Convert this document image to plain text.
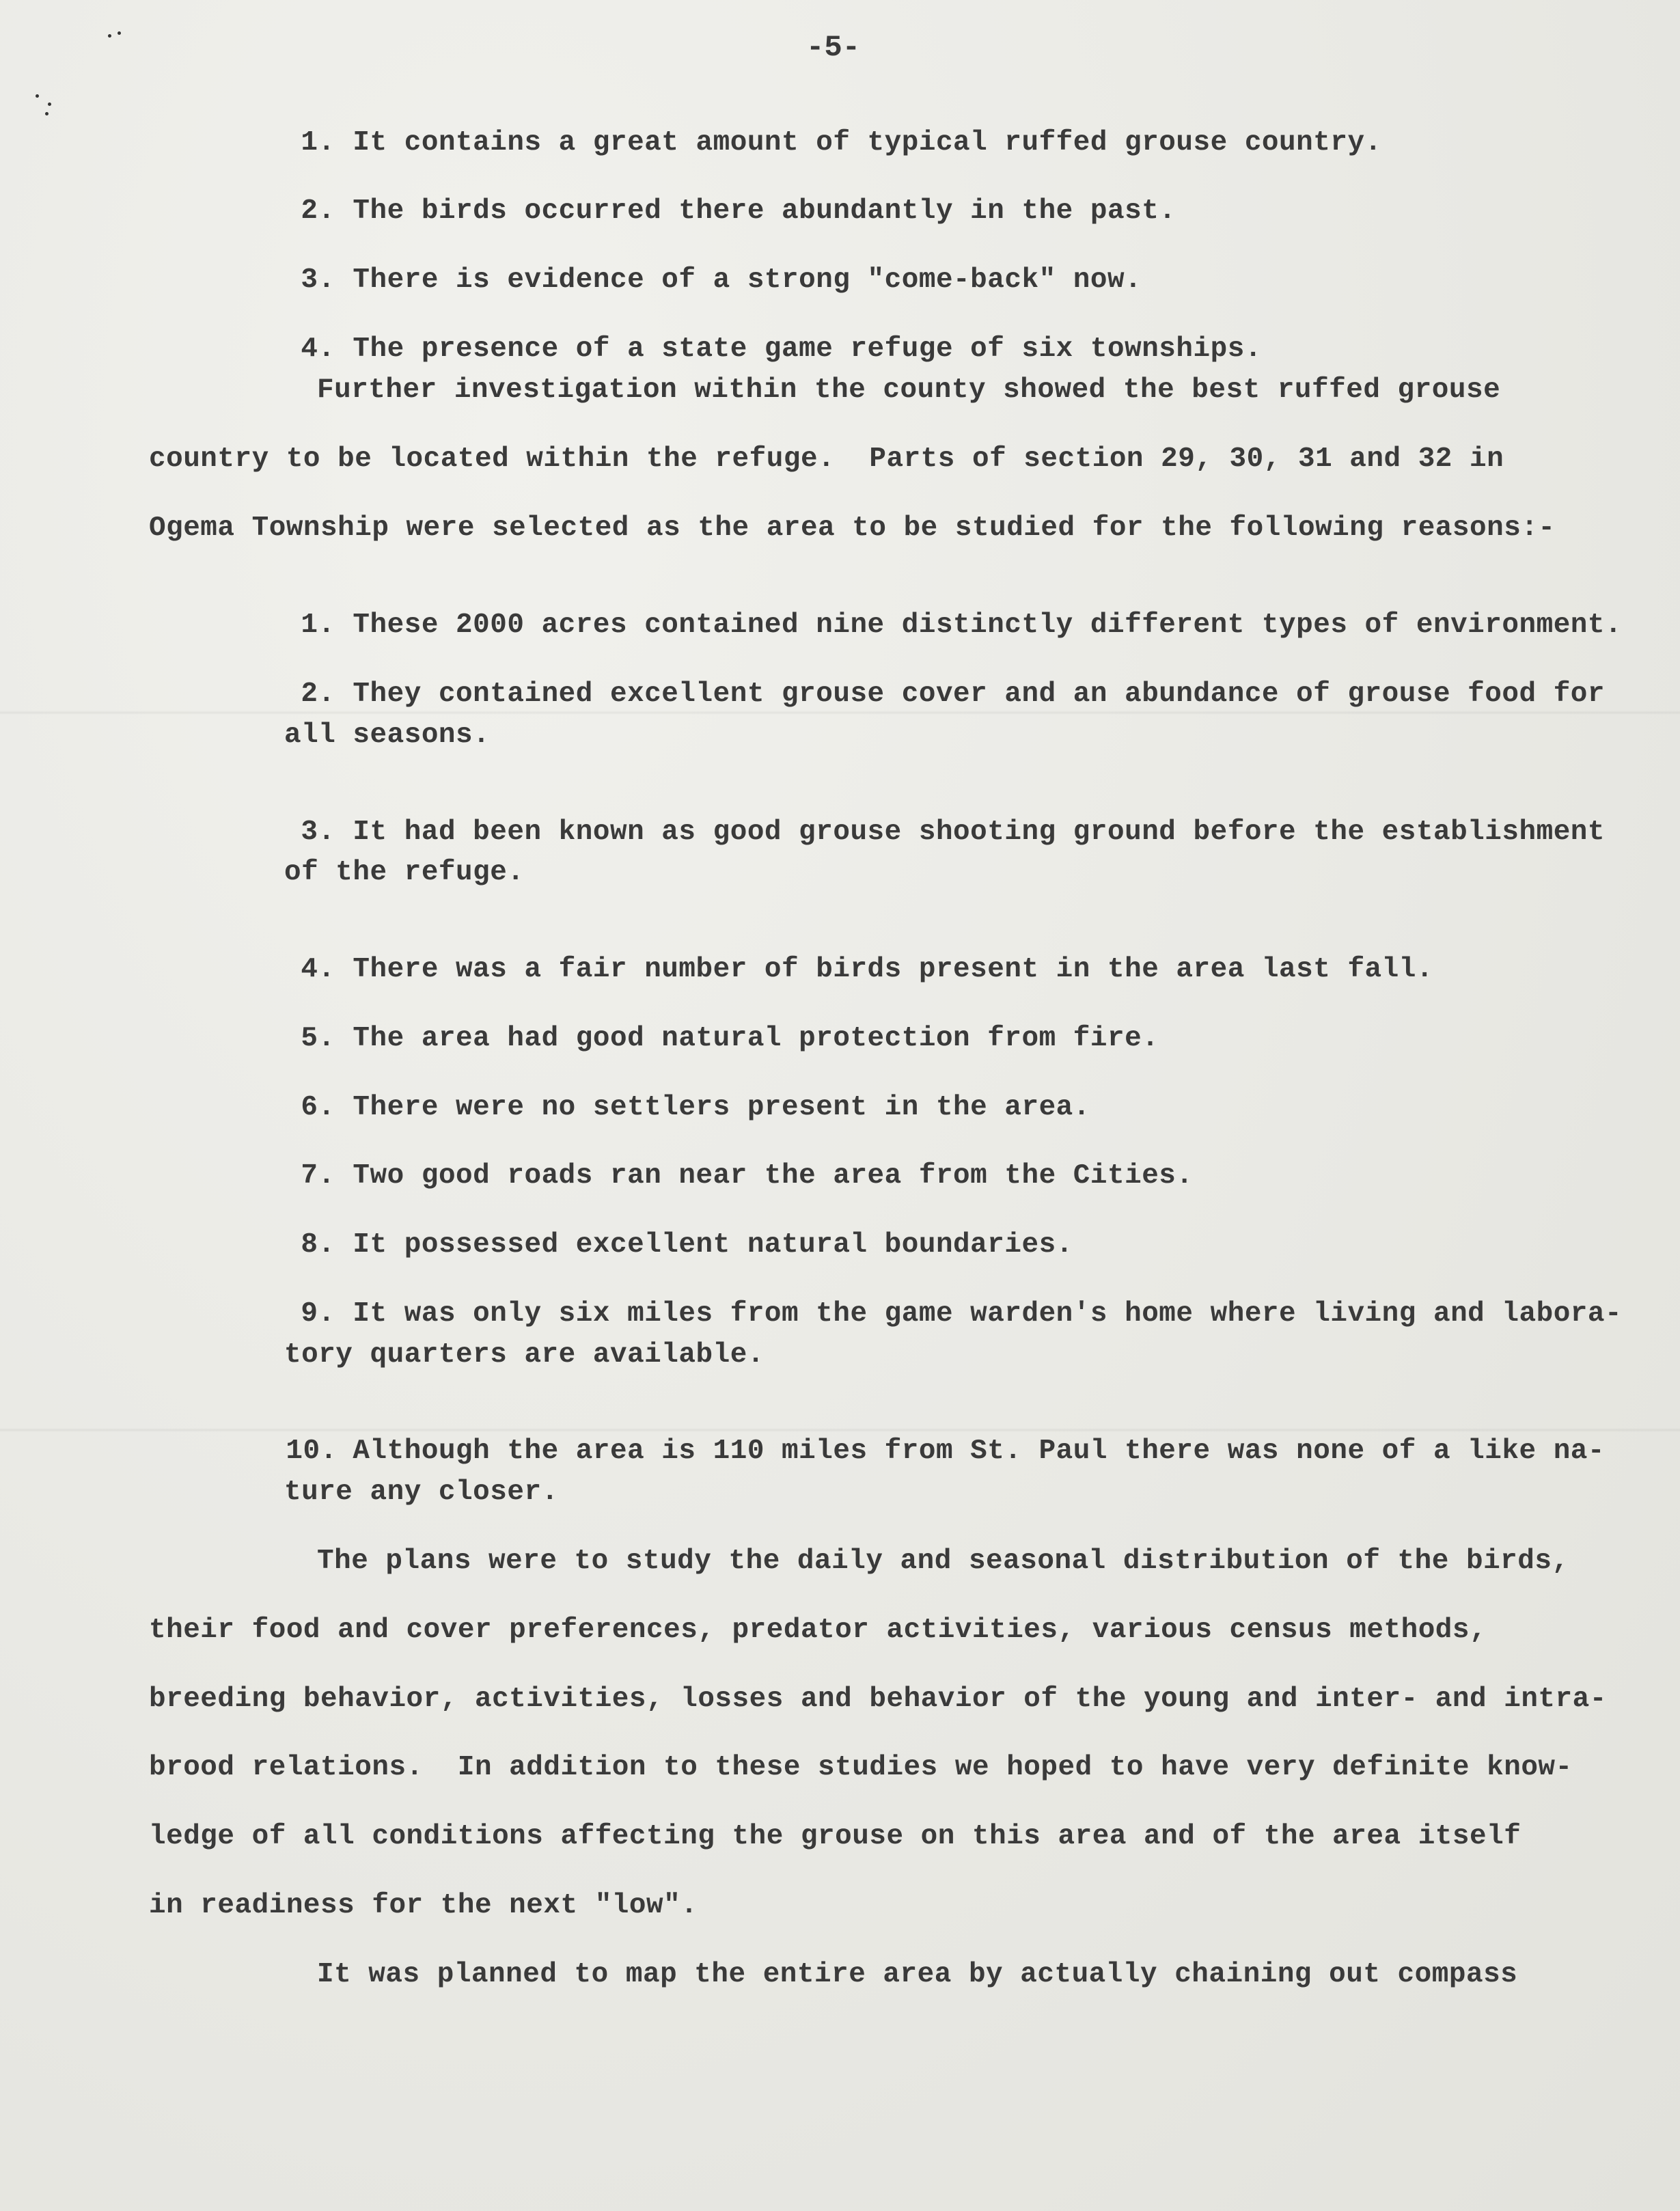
-5-

1. It contains a great amount of typical ruffed grouse country.

2. The birds occurred there abundantly in the past.

3. There is evidence of a strong "come-back" now.

4. The presence of a state game refuge of six townships.

Further investigation within the county showed the best ruffed grouse
country to be located within the refuge.  Parts of section 29, 30, 31 and 32 in
Ogema Township were selected as the area to be studied for the following reasons:-

1. These 2000 acres contained nine distinctly different types of environment.

2. They contained excellent grouse cover and an abundance of grouse food for

all seasons.

3. It had been known as good grouse shooting ground before the establishment

of the refuge.

4. There was a fair number of birds present in the area last fall.

5. The area had good natural protection from fire.

6. There were no settlers present in the area.

7. Two good roads ran near the area from the Cities.

8. It possessed excellent natural boundaries.

9. It was only six miles from the game warden's home where living and labora-

tory quarters are available.

10. Although the area is 110 miles from St. Paul there was none of a like na-

ture any closer.
The plans were to study the daily and seasonal distribution of the birds,
their food and cover preferences, predator activities, various census methods,
breeding behavior, activities, losses and behavior of the young and inter- and intra-
brood relations.  In addition to these studies we hoped to have very definite know-
ledge of all conditions affecting the grouse on this area and of the area itself
in readiness for the next "low".
It was planned to map the entire area by actually chaining out compass
